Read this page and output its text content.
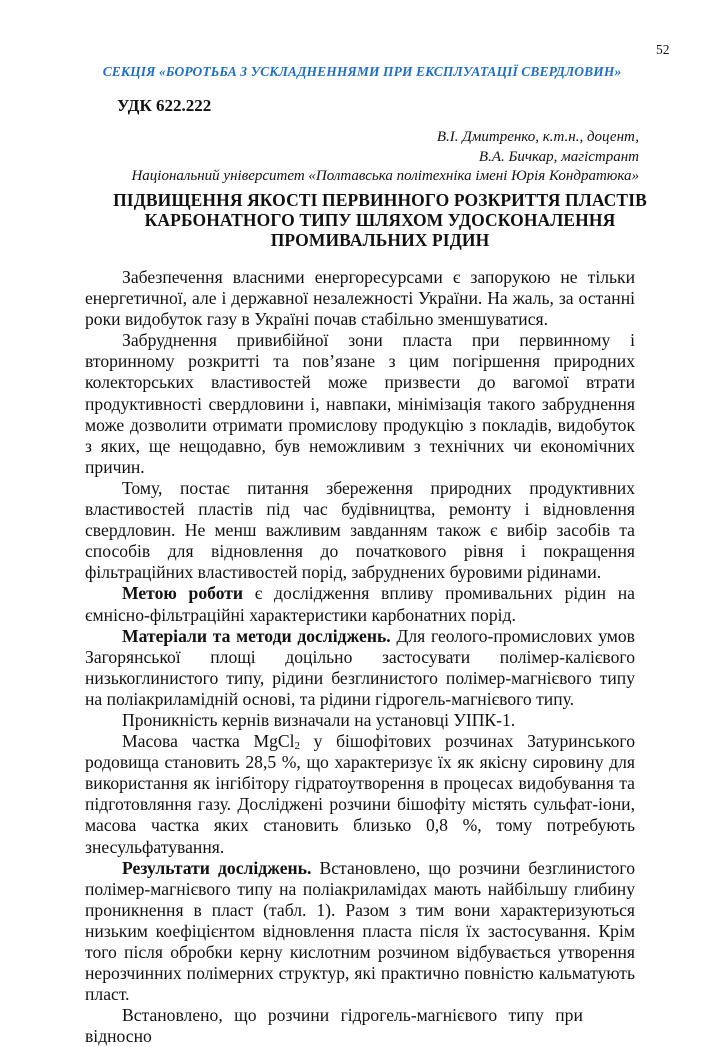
52
СЕКЦІЯ «БОРОТЬБА З УСКЛАДНЕННЯМИ ПРИ ЕКСПЛУАТАЦІЇ СВЕРДЛОВИН»
УДК 622.222
В.І. Дмитренко, к.т.н., доцент,
В.А. Бичкар, магістрант
Національний університет «Полтавська політехніка імені Юрія Кондратюка»
ПІДВИЩЕННЯ ЯКОСТІ ПЕРВИННОГО РОЗКРИТТЯ ПЛАСТІВ
КАРБОНАТНОГО ТИПУ ШЛЯХОМ УДОСКОНАЛЕННЯ
ПРОМИВАЛЬНИХ РІДИН

Забезпечення власними енергоресурсами є запорукою не тільки енергетичної, але і державної незалежності України. На жаль, за останні роки видобуток газу в Україні почав стабільно зменшуватися.

Забруднення привибійної зони пласта при первинному і вторинному розкритті та пов’язане з цим погіршення природних колекторських властивостей може призвести до вагомої втрати продуктивності свердловини і, навпаки, мінімізація такого забруднення може дозволити отримати промислову продукцію з покладів, видобуток з яких, ще нещодавно, був неможливим з технічних чи економічних причин.

Тому, постає питання збереження природних продуктивних властивостей пластів під час будівництва, ремонту і відновлення свердловин. Не менш важливим завданням також є вибір засобів та способів для відновлення до початкового рівня і покращення фільтраційних властивостей порід, забруднених буровими рідинами.

Метою роботи є дослідження впливу промивальних рідин на ємнісно-фільтраційні характеристики карбонатних порід.

Матеріали та методи досліджень. Для геолого-промислових умов Загорянської площі доцільно застосувати полімер-калієвого низькоглинистого типу, рідини безглинистого полімер-магнієвого типу на поліакриламідній основі, та рідини гідрогель-магнієвого типу.

Проникність кернів визначали на установці УІПК-1.

Масова частка MgCl$_2$ у бішофітових розчинах Затуринського родовища становить 28,5 %, що характеризує їх як якісну сировину для використання як інгібітору гідратоутворення в процесах видобування та підготовляння газу. Досліджені розчини бішофіту містять сульфат-іони, масова частка яких становить близько 0,8 %, тому потребують знесульфатування.

Результати досліджень. Встановлено, що розчини безглинистого полімер-магнієвого типу на поліакриламідах мають найбільшу глибину проникнення в пласт (табл. 1). Разом з тим вони характеризуються низьким коефіцієнтом відновлення пласта після їх застосування. Крім того після обробки керну кислотним розчином відбувається утворення нерозчинних полімерних структур, які практично повністю кальматують пласт.

Встановлено, що розчини гідрогель-магнієвого типу при відносно
